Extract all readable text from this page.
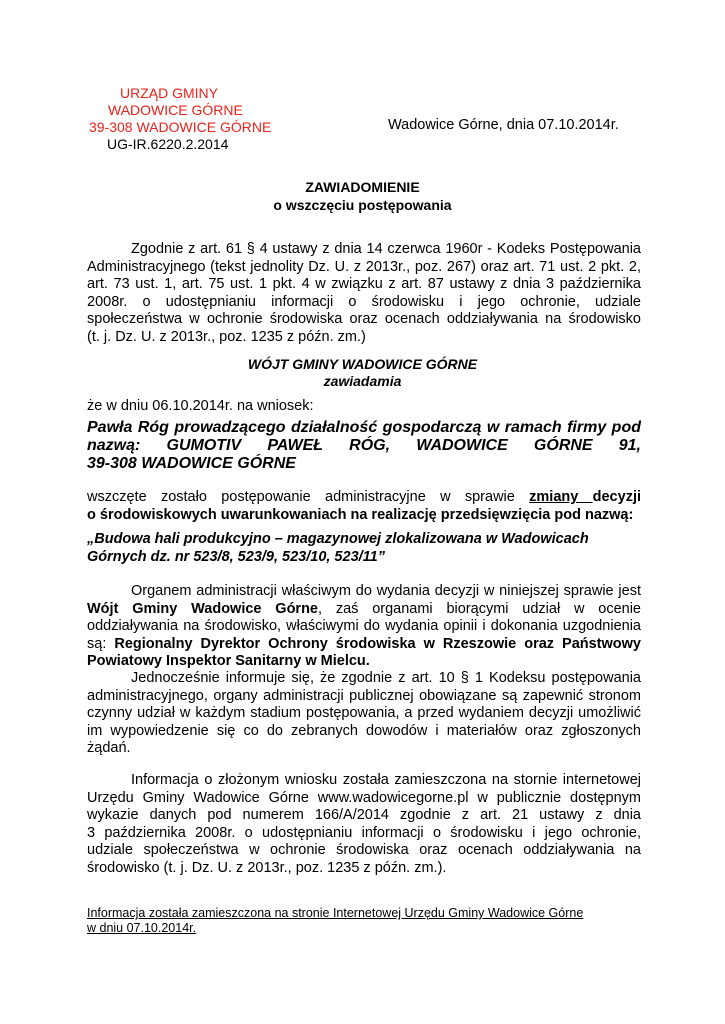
URZĄD GMINY
WADOWICE GÓRNE
39-308 WADOWICE GÓRNE
UG-IR.6220.2.2014
Wadowice Górne, dnia 07.10.2014r.
ZAWIADOMIENIE
o wszczęciu postępowania
Zgodnie z art. 61 § 4 ustawy z dnia 14 czerwca 1960r - Kodeks Postępowania
Administracyjnego (tekst jednolity Dz. U. z 2013r., poz. 267) oraz art. 71 ust. 2 pkt. 2,
art. 73 ust. 1, art. 75 ust. 1 pkt. 4 w związku z art. 87 ustawy z dnia 3 października
2008r. o udostępnianiu informacji o środowisku i jego ochronie, udziale
społeczeństwa w ochronie środowiska oraz ocenach oddziaływania na środowisko
(t. j. Dz. U. z 2013r., poz. 1235 z późn. zm.)
WÓJT GMINY WADOWICE GÓRNE
zawiadamia
że w dniu 06.10.2014r. na wniosek:
Pawła Róg prowadzącego działalność gospodarczą w ramach firmy pod
nazwą: GUMOTIV PAWEŁ RÓG, WADOWICE GÓRNE 91,
39-308 WADOWICE GÓRNE
wszczęte zostało postępowanie administracyjne w sprawie zmiany decyzji
o środowiskowych uwarunkowaniach na realizację przedsięwzięcia pod nazwą:
„Budowa hali produkcyjno – magazynowej zlokalizowana w Wadowicach
Górnych dz. nr 523/8, 523/9, 523/10, 523/11”
Organem administracji właściwym do wydania decyzji w niniejszej sprawie jest
Wójt Gminy Wadowice Górne, zaś organami biorącymi udział w ocenie
oddziaływania na środowisko, właściwymi do wydania opinii i dokonania uzgodnienia
są: Regionalny Dyrektor Ochrony środowiska w Rzeszowie oraz Państwowy
Powiatowy Inspektor Sanitarny w Mielcu.
Jednocześnie informuje się, że zgodnie z art. 10 § 1 Kodeksu postępowania
administracyjnego, organy administracji publicznej obowiązane są zapewnić stronom
czynny udział w każdym stadium postępowania, a przed wydaniem decyzji umożliwić
im wypowiedzenie się co do zebranych dowodów i materiałów oraz zgłoszonych
żądań.
Informacja o złożonym wniosku została zamieszczona na stornie internetowej
Urzędu Gminy Wadowice Górne www.wadowicegorne.pl w publicznie dostępnym
wykazie danych pod numerem 166/A/2014 zgodnie z art. 21 ustawy z dnia
3 października 2008r. o udostępnianiu informacji o środowisku i jego ochronie,
udziale społeczeństwa w ochronie środowiska oraz ocenach oddziaływania na
środowisko (t. j. Dz. U. z 2013r., poz. 1235 z późn. zm.).
Informacja została zamieszczona na stronie Internetowej Urzędu Gminy Wadowice Górne
w dniu 07.10.2014r.
